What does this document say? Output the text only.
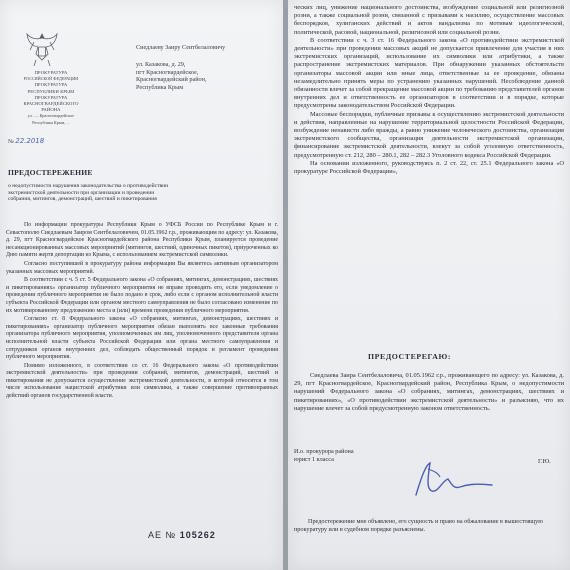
ПРОКУРАТУРА
РОССИЙСКОЙ ФЕДЕРАЦИИ
ПРОКУРАТУРА
РЕСПУБЛИКИ КРЫМ
ПРОКУРАТУРА
КРАСНОГВАРДЕЙСКОГО
РАЙОНА
ул. ..., Красногвардейское
Республика Крым, ...
№ 22.2018
Сиедлаеву Заиру Сеитбелаловичу
ул. Казакова, д. 29,
пгт Красногвардейское,
Красногвардейский район,
Республика Крым
ПРЕДОСТЕРЕЖЕНИЕ
о недопустимости нарушения законодательства о противодействии экстремистской деятельности при организации и проведении собрания, митингов, демонстраций, шествий и пикетирования

По информации прокуратуры Республики Крым о УФСБ России по Республике Крым и г. Севастополю Сиедлаевым Заиром Сеитбелаловичем, 01.05.1962 г.р., проживающим по адресу: ул. Казакова, д. 29, пгт Красногвардейское Красногвардейского района Республики Крым, планируется проведение несанкционированных массовых мероприятий (митингов, шествий, одиночных пикетов), приуроченных ко Дню памяти жертв депортации из Крыма, с использованием экстремистской символики.

Согласно поступившей в прокуратуру района информации Вы являетесь активным организатором указанных массовых мероприятий.

В соответствии с ч. 5 ст. 5 Федерального закона «О собраниях, митингах, демонстрациях, шествиях и пикетированиях» организатор публичного мероприятия не вправе проводить его, если уведомление о проведении публичного мероприятия не было подано в срок, либо если с органом исполнительной власти субъекта Российской Федерации или органом местного самоуправления не было согласовано изменение по их мотивированному предложению места и (или) времени проведения публичного мероприятия.

Согласно ст. 8 Федерального закона «О собраниях, митингах, демонстрациях, шествиях и пикетированиях» организатор публичного мероприятия обязан выполнять все законные требования организатора публичного мероприятия, уполномоченных им лиц, уполномоченного представителя органа исполнительной власти субъекта Российской Федерации или органа местного самоуправления и сотрудников органов внутренних дел, соблюдать общественный порядок и регламент проведения публичного мероприятия.

Помимо изложенного, в соответствии со ст. 16 Федерального закона «О противодействии экстремистской деятельности» при проведении собраний, митингов, демонстраций, шествий и пикетирования не допускается осуществление экстремистской деятельности, в которой относятся в том числе использование нацистской атрибутики или символики, а также совершение противоправных действий органов государственной власти.

АЕ № 105262

ческих лиц, унижение национального достоинства, возбуждение социальной или религиозной розни, а также социальной розни, связанной с призывами к насилию, осуществление массовых беспорядков, хулиганских действий и актов вандализма по мотивам идеологической, политической, расовой, национальной, религиозной или социальной розни.

В соответствии с ч. 3 ст. 16 Федерального закона «О противодействии экстремистской деятельности» при проведении массовых акций не допускается привлечение для участия в них экстремистских организаций, использование их символики или атрибутики, а также распространение экстремистских материалов. При обнаружении указанных обстоятельств организаторы массовой акции или иные лица, ответственные за ее проведение, обязаны незамедлительно принять меры по устранению указанных нарушений. Несоблюдение данной обязанности влечет за собой прекращение массовой акции по требованию представителей органов внутренних дел и ответственность ее организаторов в соответствии и в порядке, которые предусмотрены законодательством Российской Федерации.

Массовые беспорядки, публичные призывы к осуществлению экстремистской деятельности и действия, направленные на нарушение территориальной целостности Российской Федерации, возбуждение ненависти либо вражды, а равно унижение человеческого достоинства, организация экстремистского сообщества, организация деятельности экстремистской организации, финансирование экстремистской деятельности, влекут за собой уголовную ответственность, предусмотренную ст. 212, 280 – 280.1, 282 – 282.3 Уголовного кодекса Российской Федерации.

На основании изложенного, руководствуясь п. 2 ст. 22, ст. 25.1 Федерального закона «О прокуратуре Российской Федерации»,

ПРЕДОСТЕРЕГАЮ:

Сиедлаева Заира Сеитбелаловича, 01.05.1962 г.р., проживающего по адресу: ул. Казакова, д. 29, пгт Красногвардейское, Красногвардейский район, Республика Крым, о недопустимости нарушений Федерального закона «О собраниях, митингах, демонстрациях, шествиях и пикетированиях», «О противодействии экстремистской деятельности» и разъясняю, что их нарушение влечет за собой предусмотренную законом ответственность.

И.о. прокурора района
юрист 1 класса	Г.Ю.

Предостережение мне объявлено, его сущность и право на обжалование в вышестоящую прокуратуру или в судебном порядке разъяснены.
